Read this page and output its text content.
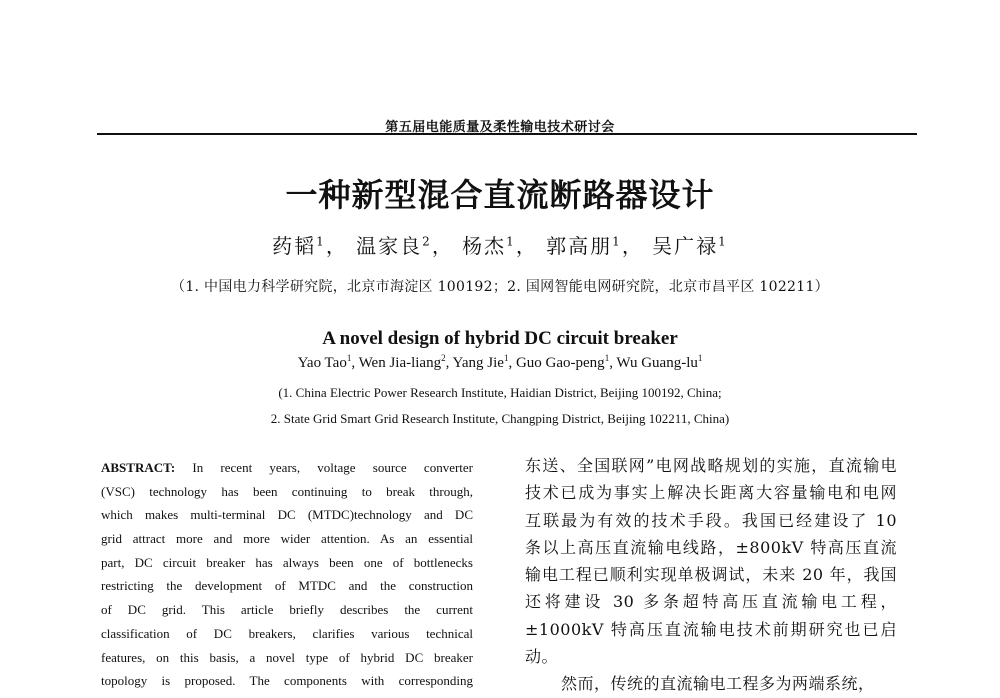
第五届电能质量及柔性输电技术研讨会
一种新型混合直流断路器设计
药韬$^1$， 温家良$^2$， 杨杰$^1$， 郭高朋$^1$， 吴广禄$^1$
（1. 中国电力科学研究院，北京市海淀区 100192；2. 国网智能电网研究院，北京市昌平区 102211）
A novel design of hybrid DC circuit breaker
Yao Tao$^1$, Wen Jia-liang$^2$, Yang Jie$^1$, Guo Gao-peng$^1$, Wu Guang-$lu^1$
(1. China Electric Power Research Institute, Haidian District, Beijing 100192, China;
2. State Grid Smart Grid Research Institute, Changping District, Beijing 102211, China)
ABSTRACT: In recent years, voltage source converter
(VSC) technology has been continuing to break through,
which makes multi-terminal DC (MTDC)technology and DC
grid attract more and more wider attention. As an essential
part, DC circuit breaker has always been one of bottlenecks
restricting the development of MTDC and the construction
of DC grid. This article briefly describes the current
classification of DC breakers, clarifies various technical
features, on this basis, a novel type of hybrid DC breaker
topology is proposed. The components with corresponding
东送、全国联网”电网战略规划的实施，直流输电
技术已成为事实上解决长距离大容量输电和电网
互联最为有效的技术手段。我国已经建设了 10
条以上高压直流输电线路，±800kV 特高压直流
输电工程已顺利实现单极调试，未来 20 年，我国
还将建设 30 多条超特高压直流输电工程，
±1000kV 特高压直流输电技术前期研究也已启
动。
然而，传统的直流输电工程多为两端系统，
